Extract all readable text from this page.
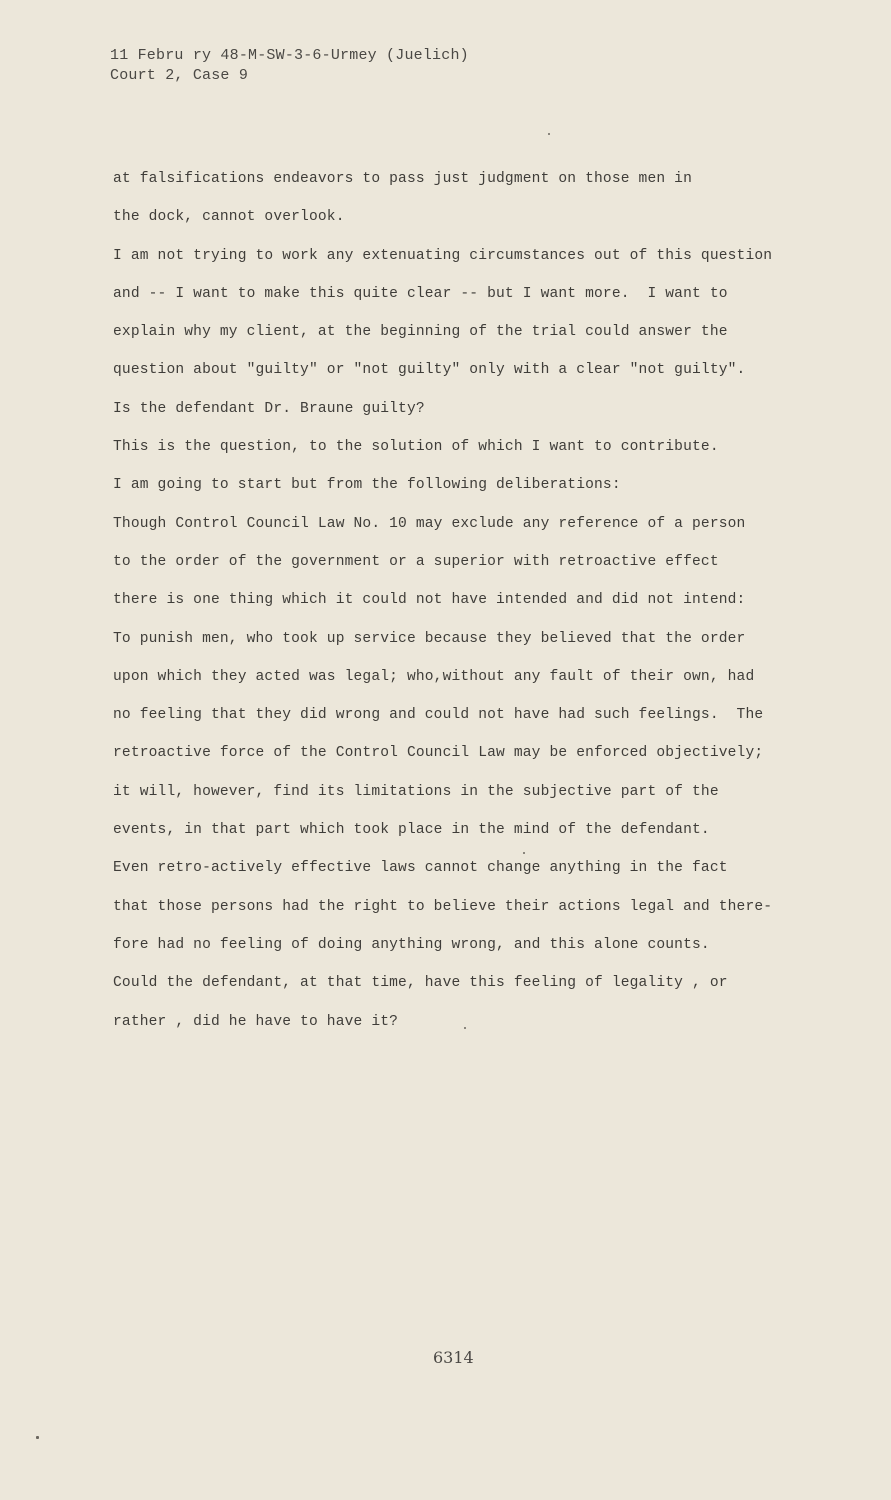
11 Febru ry 48-M-SW-3-6-Urmey (Juelich)
Court 2, Case 9
at falsifications endeavors to pass just judgment on those men in
the dock, cannot overlook.
I am not trying to work any extenuating circumstances out of this question
and -- I want to make this quite clear -- but I want more.  I want to
explain why my client, at the beginning of the trial could answer the
question about "guilty" or "not guilty" only with a clear "not guilty".
Is the defendant Dr. Braune guilty?
This is the question, to the solution of which I want to contribute.
I am going to start but from the following deliberations:
Though Control Council Law No. 10 may exclude any reference of a person
to the order of the government or a superior with retroactive effect
there is one thing which it could not have intended and did not intend:
To punish men, who took up service because they believed that the order
upon which they acted was legal; who,without any fault of their own, had
no feeling that they did wrong and could not have had such feelings.  The
retroactive force of the Control Council Law may be enforced objectively;
it will, however, find its limitations in the subjective part of the
events, in that part which took place in the mind of the defendant.
Even retro-actively effective laws cannot change anything in the fact
that those persons had the right to believe their actions legal and there-
fore had no feeling of doing anything wrong, and this alone counts.
Could the defendant, at that time, have this feeling of legality , or
rather , did he have to have it?
6314
